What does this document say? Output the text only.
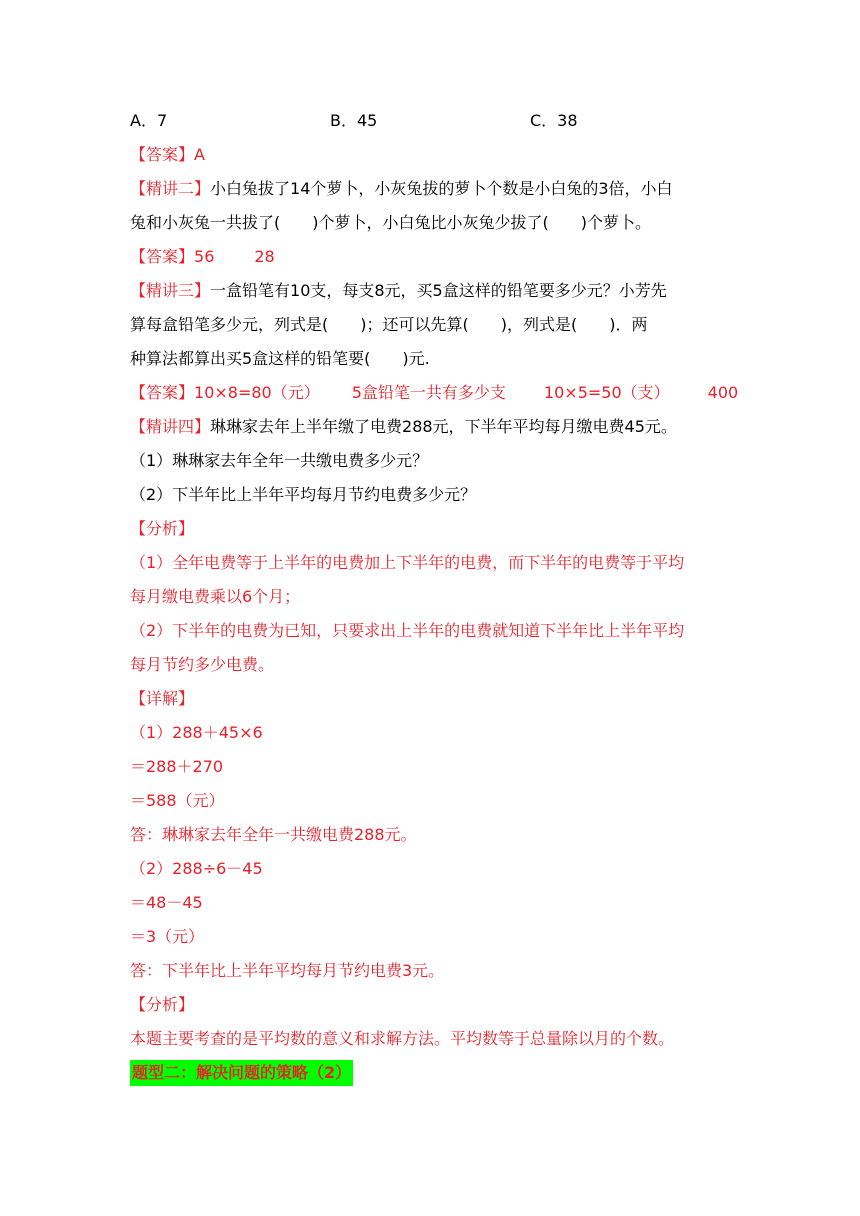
A．7	B．45	C．38
【答案】A
【精讲二】小白兔拔了14个萝卜，小灰兔拔的萝卜个数是小白兔的3倍，小白
兔和小灰兔一共拔了(　　)个萝卜，小白兔比小灰兔少拔了(　　)个萝卜。
【答案】56	28
【精讲三】一盒铅笔有10支，每支8元，买5盒这样的铅笔要多少元？小芳先
算每盒铅笔多少元，列式是(　　)；还可以先算(　　)，列式是(　　)．两
种算法都算出买5盒这样的铅笔要(　　)元.
【答案】10×8=80（元） 5盒铅笔一共有多少支 10×5=50（支） 400
【精讲四】琳琳家去年上半年缴了电费288元，下半年平均每月缴电费45元。
（1）琳琳家去年全年一共缴电费多少元？
（2）下半年比上半年平均每月节约电费多少元？
【分析】
（1）全年电费等于上半年的电费加上下半年的电费，而下半年的电费等于平均
每月缴电费乘以6个月；
（2）下半年的电费为已知，只要求出上半年的电费就知道下半年比上半年平均
每月节约多少电费。
【详解】
（1）288＋45×6
＝288＋270
＝588（元）
答：琳琳家去年全年一共缴电费288元。
（2）288÷6－45
＝48－45
＝3（元）
答：下半年比上半年平均每月节约电费3元。
【分析】
本题主要考查的是平均数的意义和求解方法。平均数等于总量除以月的个数。
题型二：解决问题的策略（2）
